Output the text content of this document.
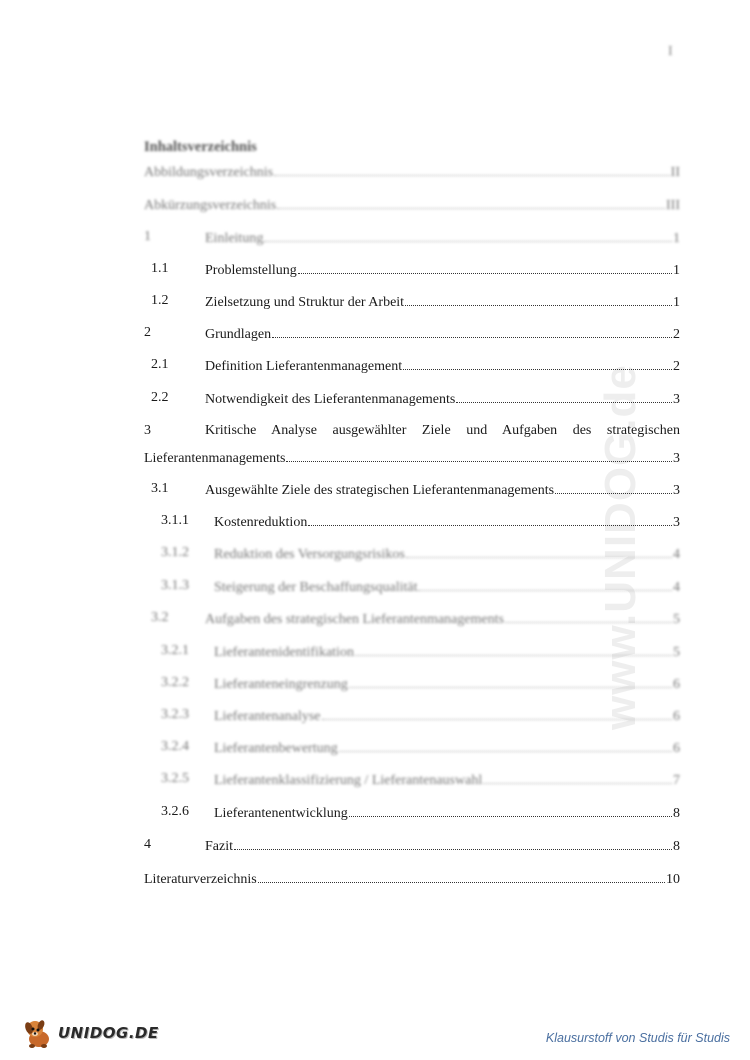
I
www.UNIDOG.de
Inhaltsverzeichnis
Abbildungsverzeichnis	II
Abkürzungsverzeichnis	III
1	Einleitung	1
1.1	Problemstellung	1
1.2	Zielsetzung und Struktur der Arbeit	1
2	Grundlagen	2
2.1	Definition Lieferantenmanagement	2
2.2	Notwendigkeit des Lieferantenmanagements	3
3	Kritische Analyse ausgewählter Ziele und Aufgaben des strategischen
Lieferantenmanagements	3
3.1	Ausgewählte Ziele des strategischen Lieferantenmanagements	3
3.1.1 Kostenreduktion	3
3.1.2 Reduktion des Versorgungsrisikos	4
3.1.3 Steigerung der Beschaffungsqualität	4
3.2	Aufgaben des strategischen Lieferantenmanagements	5
3.2.1 Lieferantenidentifikation	5
3.2.2 Lieferanteneingrenzung	6
3.2.3 Lieferantenanalyse	6
3.2.4 Lieferantenbewertung	6
3.2.5 Lieferantenklassifizierung / Lieferantenauswahl	7
3.2.6 Lieferantenentwicklung	8
4	Fazit	8
Literaturverzeichnis	10
UNIDOG.DE	Klausurstoff von Studis für Studis
